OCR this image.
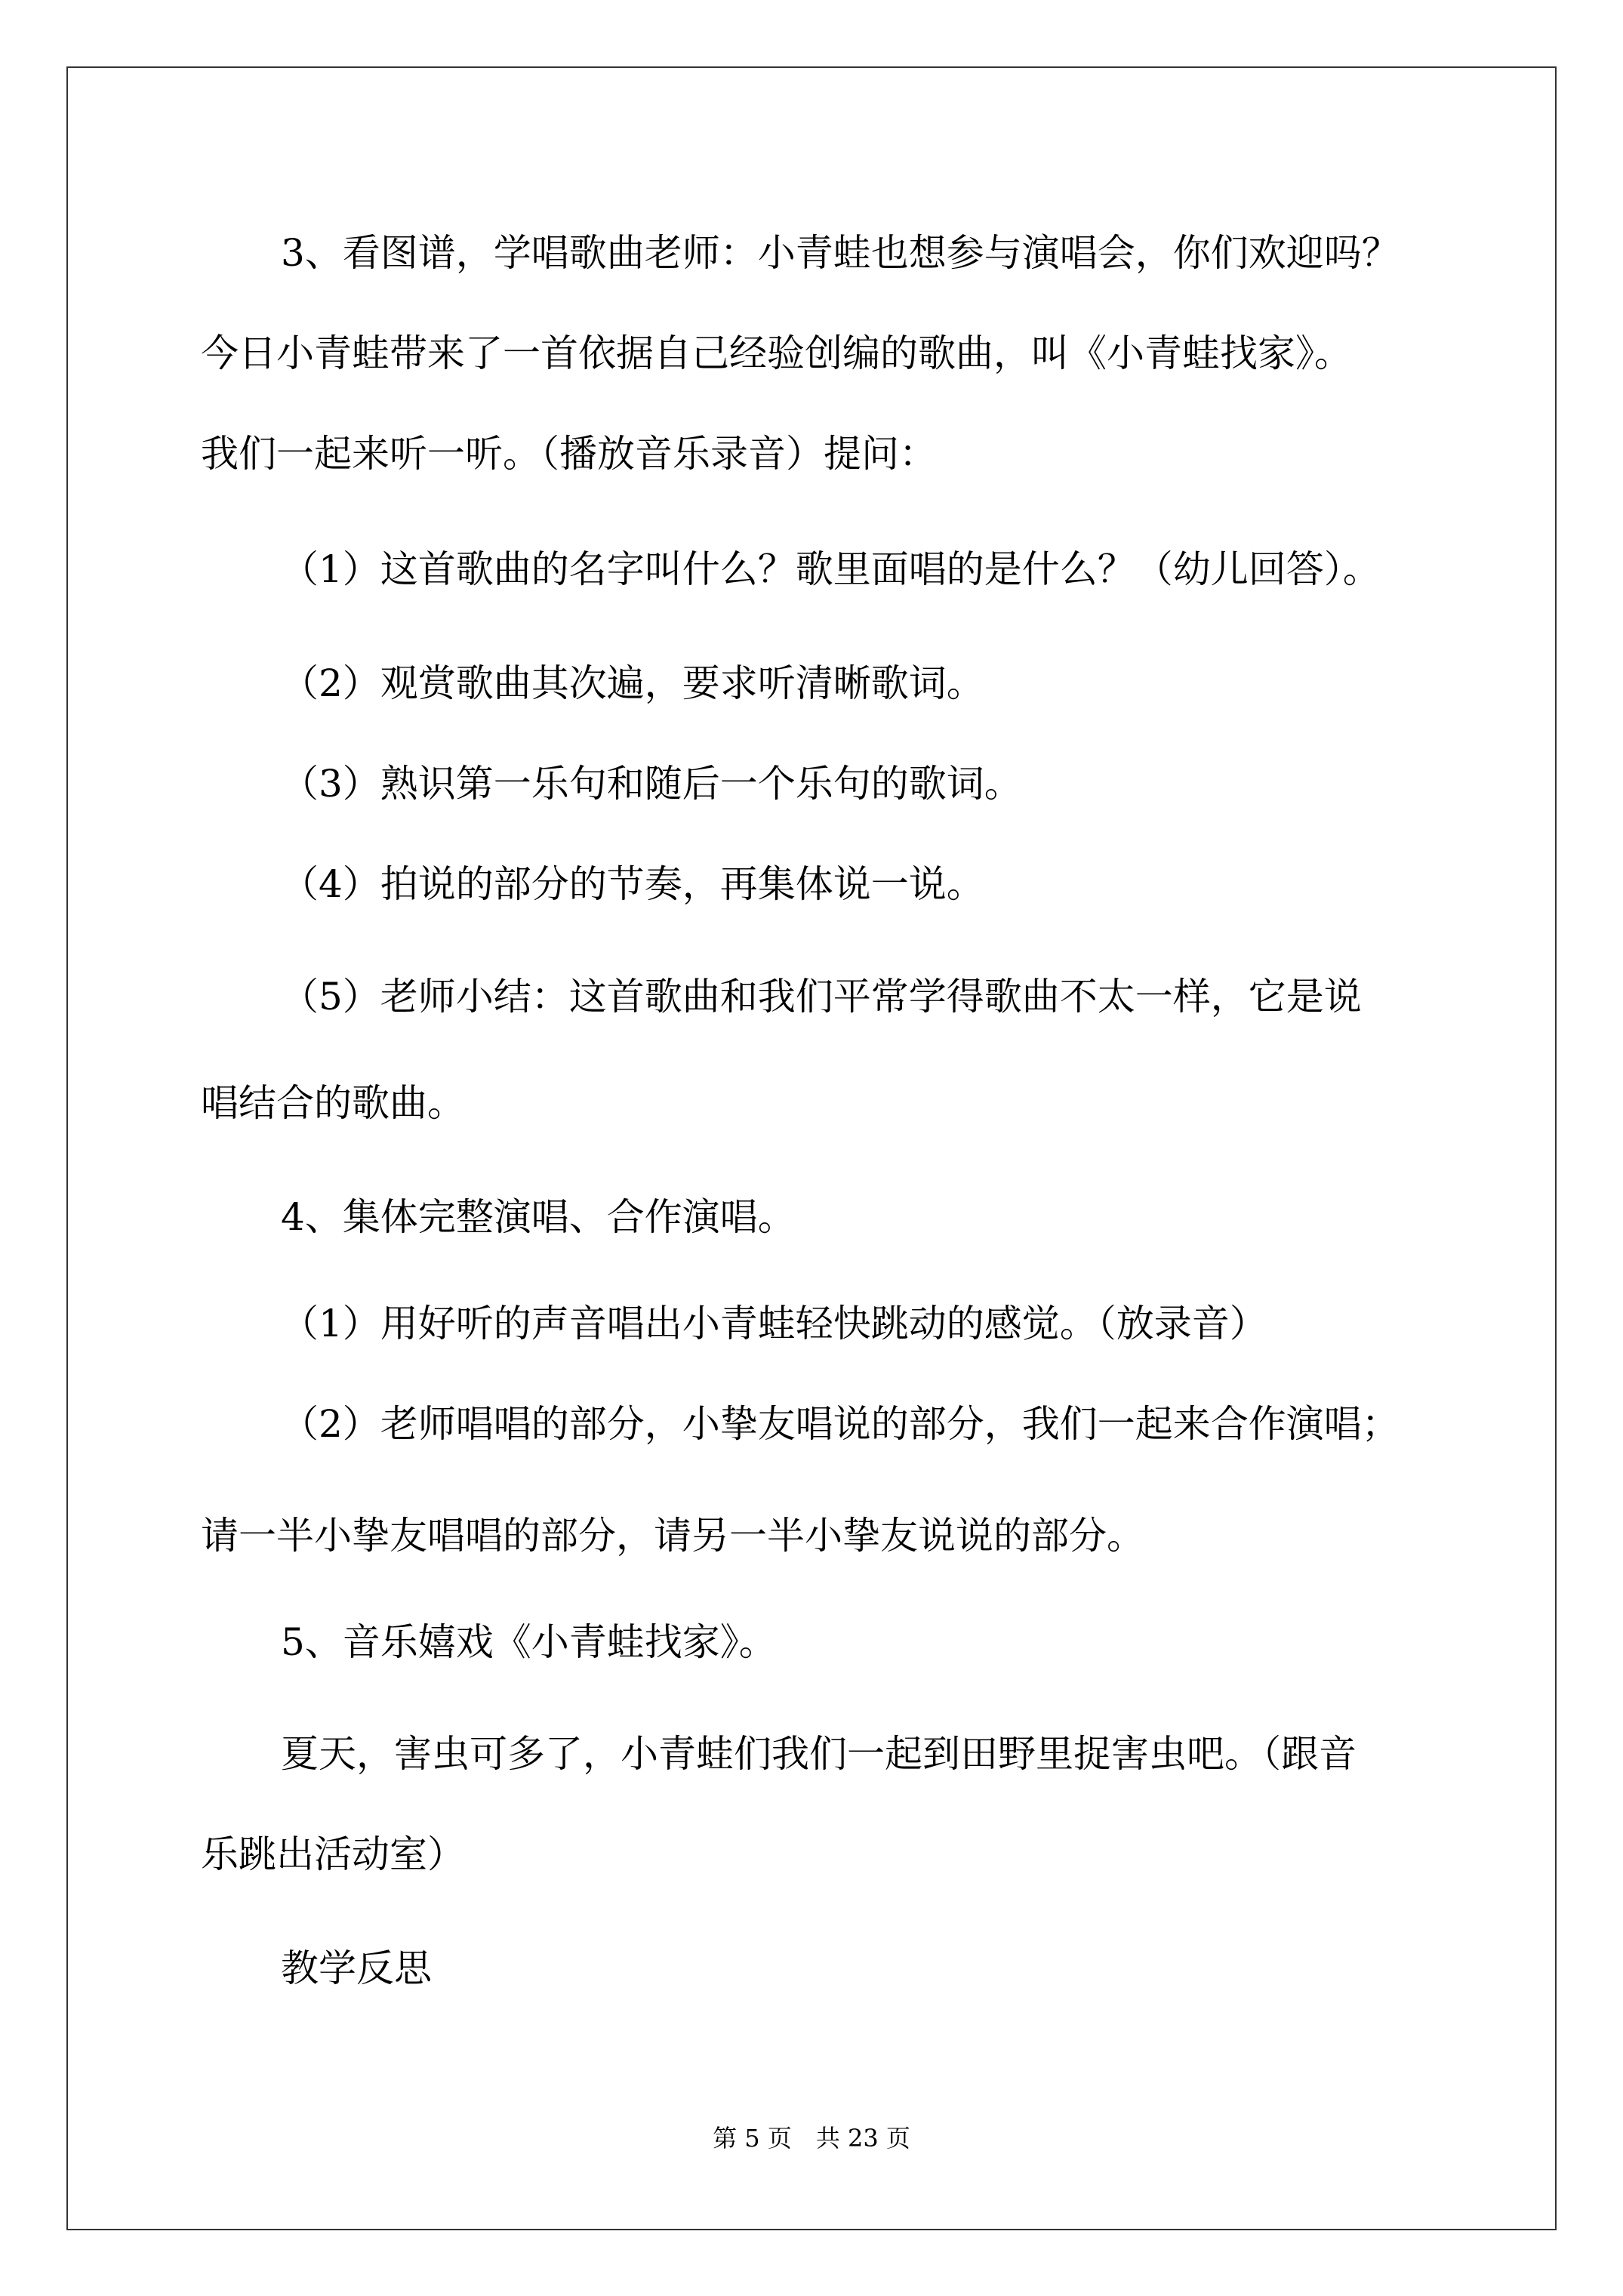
3、看图谱，学唱歌曲老师：小青蛙也想参与演唱会，你们欢迎吗？
今日小青蛙带来了一首依据自己经验创编的歌曲，叫《小青蛙找家》。
我们一起来听一听。（播放音乐录音）提问：
（1）这首歌曲的名字叫什么？歌里面唱的是什么？（幼儿回答）。
（2）观赏歌曲其次遍，要求听清晰歌词。
（3）熟识第一乐句和随后一个乐句的歌词。
（4）拍说的部分的节奏，再集体说一说。
（5）老师小结：这首歌曲和我们平常学得歌曲不太一样，它是说
唱结合的歌曲。
4、集体完整演唱、合作演唱。
（1）用好听的声音唱出小青蛙轻快跳动的感觉。（放录音）
（2）老师唱唱的部分，小挚友唱说的部分，我们一起来合作演唱；
请一半小挚友唱唱的部分，请另一半小挚友说说的部分。
5、音乐嬉戏《小青蛙找家》。
夏天，害虫可多了，小青蛙们我们一起到田野里捉害虫吧。（跟音
乐跳出活动室）
教学反思
第 5 页　共 23 页
